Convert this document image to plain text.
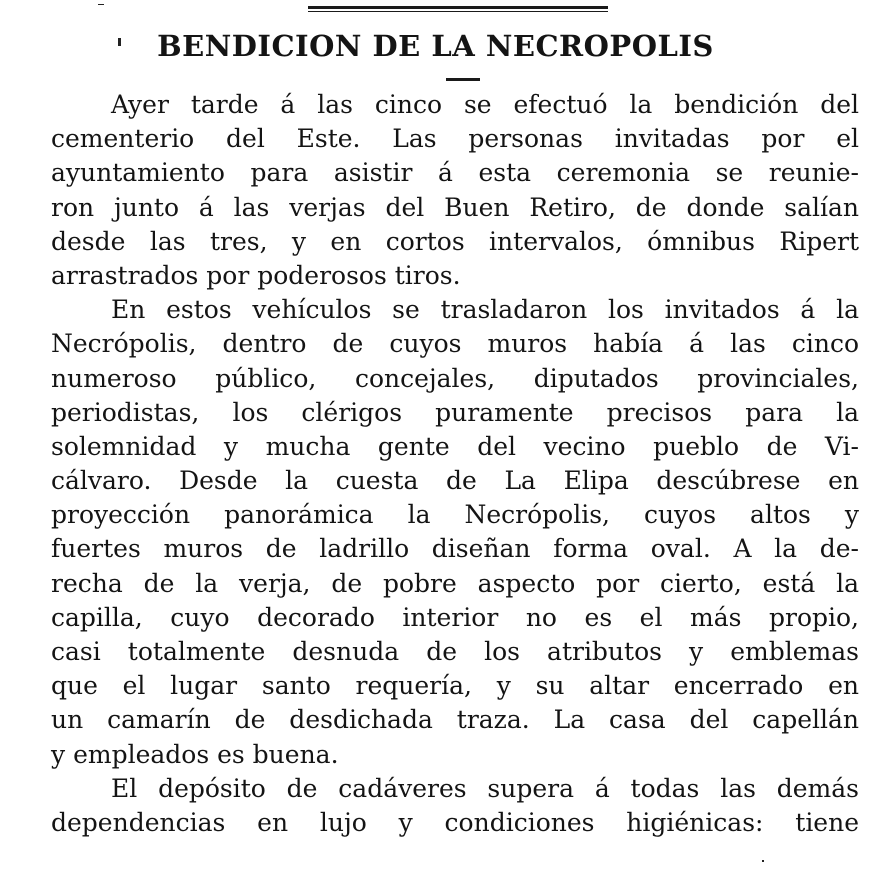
BENDICION DE LA NECROPOLIS
Ayer tarde á las cinco se efectuó la bendición del
cementerio del Este. Las personas invitadas por el
ayuntamiento para asistir á esta ceremonia se reunie-
ron junto á las verjas del Buen Retiro, de donde salían
desde las tres, y en cortos intervalos, ómnibus Ripert
arrastrados por poderosos tiros.
En estos vehículos se trasladaron los invitados á la
Necrópolis, dentro de cuyos muros había á las cinco
numeroso público, concejales, diputados provinciales,
periodistas, los clérigos puramente precisos para la
solemnidad y mucha gente del vecino pueblo de Vi-
cálvaro. Desde la cuesta de La Elipa descúbrese en
proyección panorámica la Necrópolis, cuyos altos y
fuertes muros de ladrillo diseñan forma oval. A la de-
recha de la verja, de pobre aspecto por cierto, está la
capilla, cuyo decorado interior no es el más propio,
casi totalmente desnuda de los atributos y emblemas
que el lugar santo requería, y su altar encerrado en
un camarín de desdichada traza. La casa del capellán
y empleados es buena.
El depósito de cadáveres supera á todas las demás
dependencias en lujo y condiciones higiénicas: tiene
